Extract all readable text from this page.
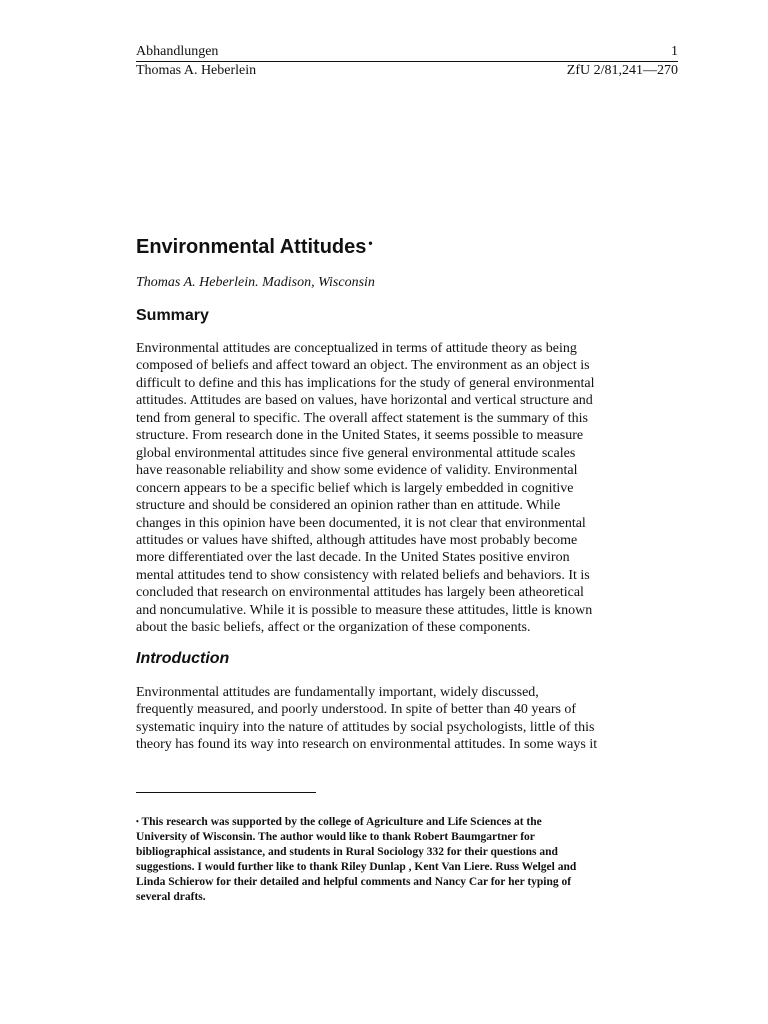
Abhandlungen	1
Thomas A. Heberlein	ZfU 2/81,241—270
Environmental Attitudes •

Thomas A. Heberlein. Madison, Wisconsin

Summary

Environmental attitudes are conceptualized in terms of attitude theory as being
composed of beliefs and affect toward an object. The environment as an object is
difficult to define and this has implications for the study of general environmental
attitudes. Attitudes are based on values, have horizontal and vertical structure and
tend from general to specific. The overall affect statement is the summary of this
structure. From research done in the United States, it seems possible to measure
global environmental attitudes since five general environmental attitude scales
have reasonable reliability and show some evidence of validity. Environmental
concern appears to be a specific belief which is largely embedded in cognitive
structure and should be considered an opinion rather than en attitude. While
changes in this opinion have been documented, it is not clear that environmental
attitudes or values have shifted, although attitudes have most probably become
more differentiated over the last decade. In the United States positive environ
mental attitudes tend to show consistency with related beliefs and behaviors. It is
concluded that research on environmental attitudes has largely been atheoretical
and noncumulative. While it is possible to measure these attitudes, little is known
about the basic beliefs, affect or the organization of these components.

Introduction

Environmental attitudes are fundamentally important, widely discussed,
frequently measured, and poorly understood. In spite of better than 40 years of
systematic inquiry into the nature of attitudes by social psychologists, little of this
theory has found its way into research on environmental attitudes. In some ways it

• This research was supported by the college of Agriculture and Life Sciences at the
University of Wisconsin. The author would like to thank Robert Baumgartner for
bibliographical assistance, and students in Rural Sociology 332 for their questions and
suggestions. I would further like to thank Riley Dunlap , Kent Van Liere. Russ Welgel and
Linda Schierow for their detailed and helpful comments and Nancy Car for her typing of
several drafts.
